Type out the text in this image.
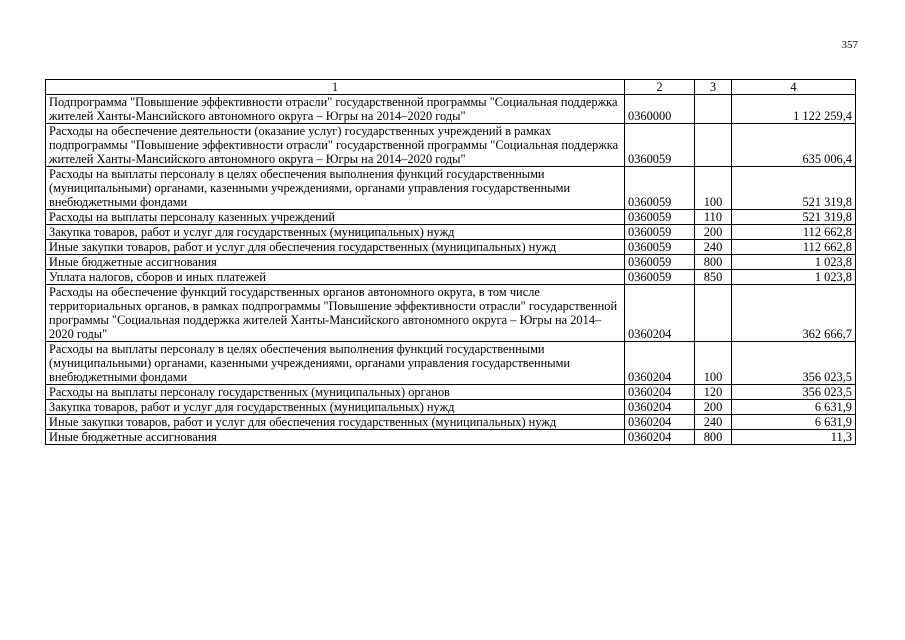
357
1	2	3	4
Подпрограмма "Повышение эффективности отрасли" государственной программы "Социальная поддержка жителей Ханты-Мансийского автономного округа – Югры на 2014–2020 годы"	0360000		1 122 259,4
Расходы на обеспечение деятельности (оказание услуг) государственных учреждений в рамках подпрограммы "Повышение эффективности отрасли" государственной программы "Социальная поддержка жителей Ханты-Мансийского автономного округа – Югры на 2014–2020 годы"	0360059		635 006,4
Расходы на выплаты персоналу в целях обеспечения выполнения функций государственными (муниципальными) органами, казенными учреждениями, органами управления государственными внебюджетными фондами	0360059	100	521 319,8
Расходы на выплаты персоналу казенных учреждений	0360059	110	521 319,8
Закупка товаров, работ и услуг для государственных (муниципальных) нужд	0360059	200	112 662,8
Иные закупки товаров, работ и услуг для обеспечения государственных (муниципальных) нужд	0360059	240	112 662,8
Иные бюджетные ассигнования	0360059	800	1 023,8
Уплата налогов, сборов и иных платежей	0360059	850	1 023,8
Расходы на обеспечение функций государственных органов автономного округа, в том числе территориальных органов, в рамках подпрограммы "Повышение эффективности отрасли" государственной программы "Социальная поддержка жителей Ханты-Мансийского автономного округа – Югры на 2014–2020 годы"	0360204		362 666,7
Расходы на выплаты персоналу в целях обеспечения выполнения функций государственными (муниципальными) органами, казенными учреждениями, органами управления государственными внебюджетными фондами	0360204	100	356 023,5
Расходы на выплаты персоналу государственных (муниципальных) органов	0360204	120	356 023,5
Закупка товаров, работ и услуг для государственных (муниципальных) нужд	0360204	200	6 631,9
Иные закупки товаров, работ и услуг для обеспечения государственных (муниципальных) нужд	0360204	240	6 631,9
Иные бюджетные ассигнования	0360204	800	11,3
